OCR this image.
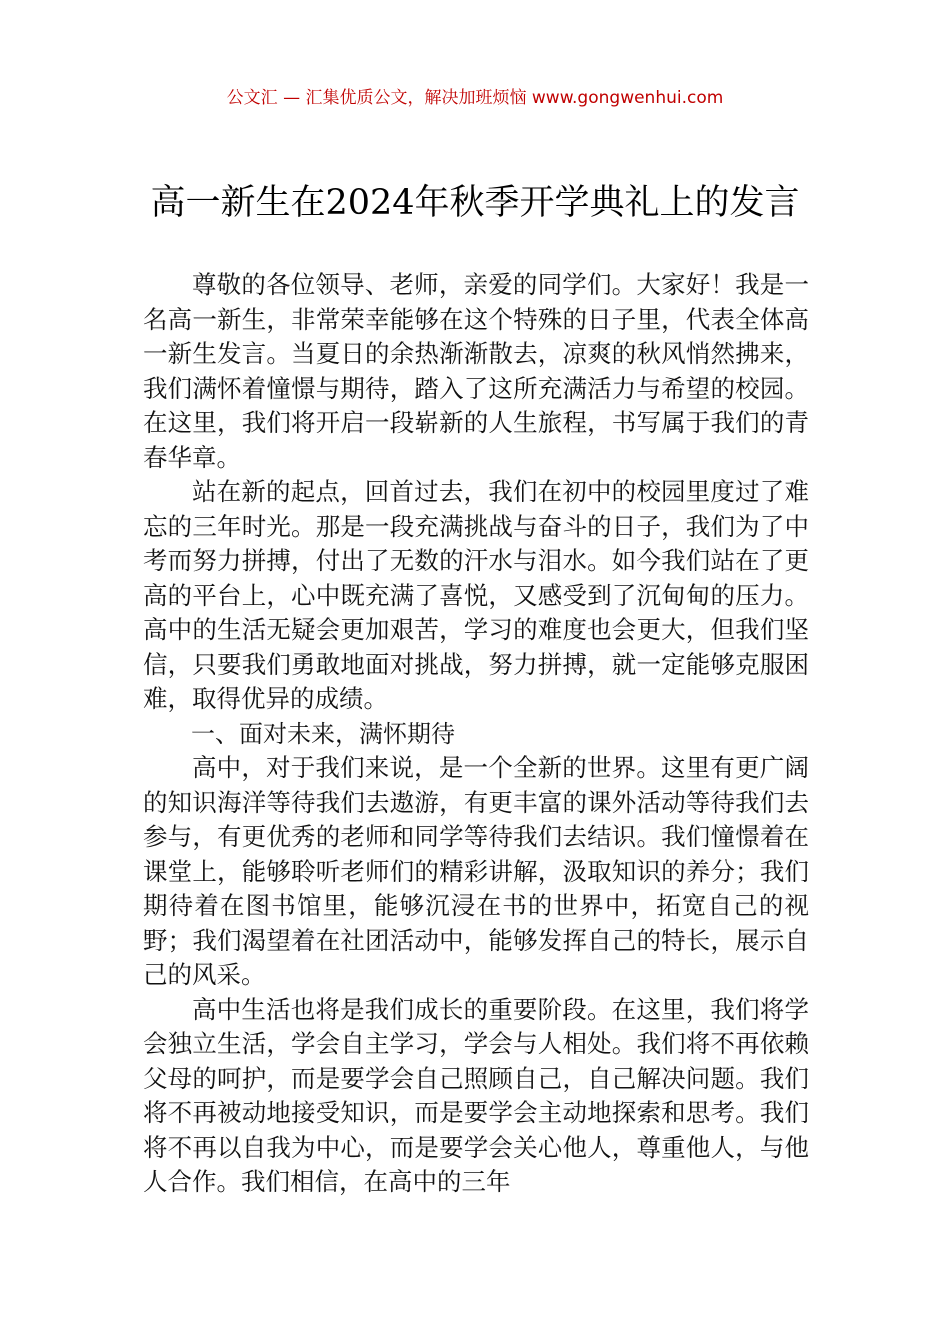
公文汇 — 汇集优质公文，解决加班烦恼 www.gongwenhui.com
高一新生在2024年秋季开学典礼上的发言

尊敬的各位领导、老师，亲爱的同学们。大家好！我是一名高一新生，非常荣幸能够在这个特殊的日子里，代表全体高一新生发言。当夏日的余热渐渐散去，凉爽的秋风悄然拂来，我们满怀着憧憬与期待，踏入了这所充满活力与希望的校园。在这里，我们将开启一段崭新的人生旅程，书写属于我们的青春华章。

站在新的起点，回首过去，我们在初中的校园里度过了难忘的三年时光。那是一段充满挑战与奋斗的日子，我们为了中考而努力拼搏，付出了无数的汗水与泪水。如今我们站在了更高的平台上，心中既充满了喜悦，又感受到了沉甸甸的压力。高中的生活无疑会更加艰苦，学习的难度也会更大，但我们坚信，只要我们勇敢地面对挑战，努力拼搏，就一定能够克服困难，取得优异的成绩。

一、面对未来，满怀期待

高中，对于我们来说，是一个全新的世界。这里有更广阔的知识海洋等待我们去遨游，有更丰富的课外活动等待我们去参与，有更优秀的老师和同学等待我们去结识。我们憧憬着在课堂上，能够聆听老师们的精彩讲解，汲取知识的养分；我们期待着在图书馆里，能够沉浸在书的世界中，拓宽自己的视野；我们渴望着在社团活动中，能够发挥自己的特长，展示自己的风采。

高中生活也将是我们成长的重要阶段。在这里，我们将学会独立生活，学会自主学习，学会与人相处。我们将不再依赖父母的呵护，而是要学会自己照顾自己，自己解决问题。我们将不再被动地接受知识，而是要学会主动地探索和思考。我们将不再以自我为中心，而是要学会关心他人，尊重他人，与他人合作。我们相信，在高中的三年
